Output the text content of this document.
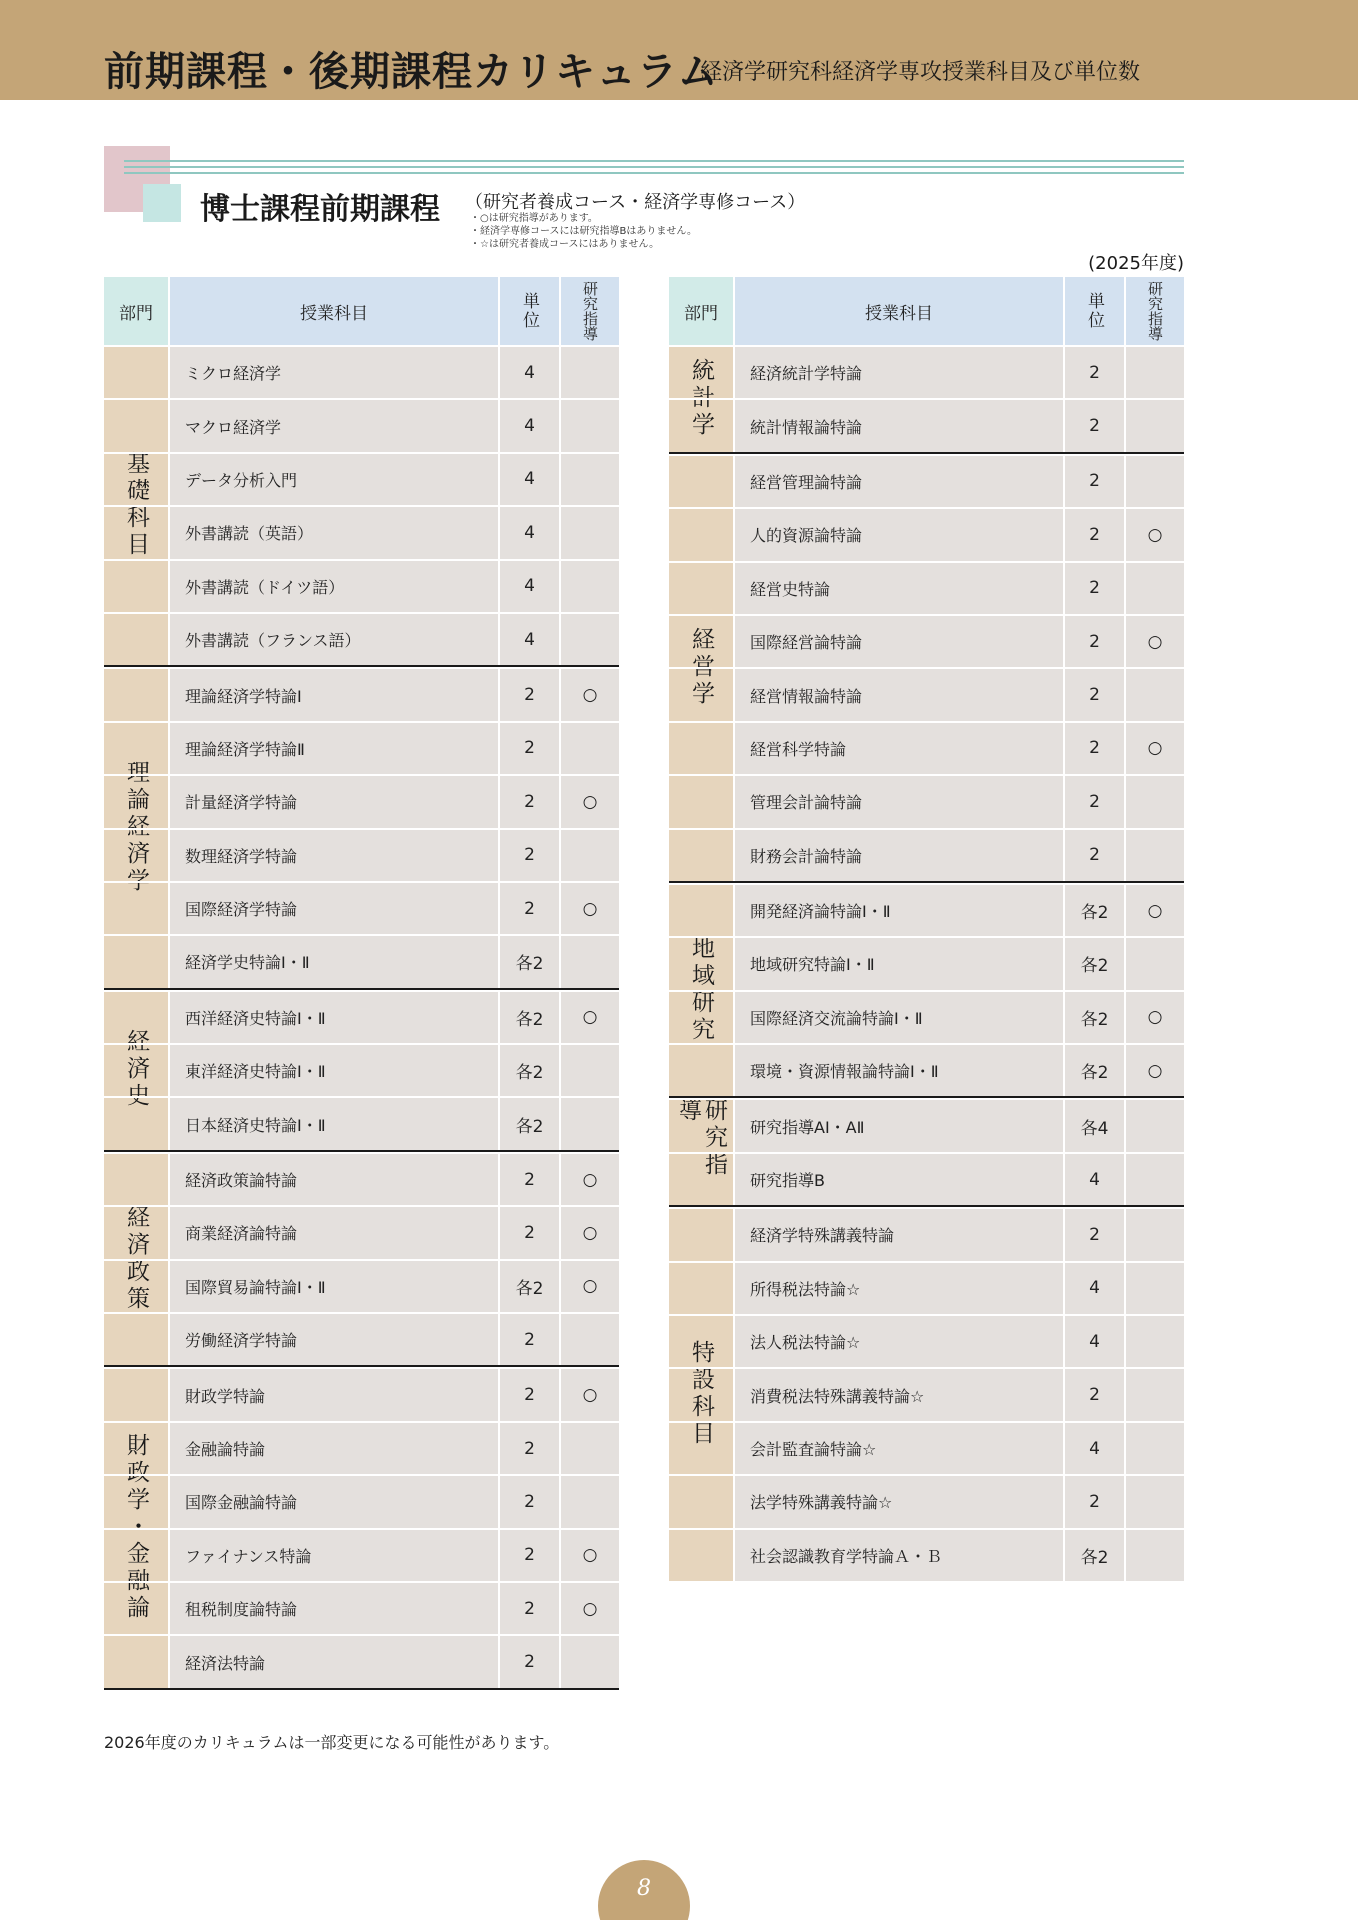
前期課程・後期課程カリキュラム
経済学研究科経済学専攻授業科目及び単位数
博士課程前期課程 （研究者養成コース・経済学専修コース）
・○は研究指導があります。
・経済学専修コースには研究指導Bはありません。
・☆は研究者養成コースにはありません。
(2025年度)
部門	授業科目	単位	研究指導
基礎科目
ミクロ経済学	4
マクロ経済学	4
データ分析入門	4
外書講読（英語）	4
外書講読（ドイツ語）	4
外書講読（フランス語）	4
理論経済学
理論経済学特論Ⅰ	2	○
理論経済学特論Ⅱ	2
計量経済学特論	2	○
数理経済学特論	2
国際経済学特論	2	○
経済学史特論Ⅰ・Ⅱ	各2
経済史
西洋経済史特論Ⅰ・Ⅱ	各2	○
東洋経済史特論Ⅰ・Ⅱ	各2
日本経済史特論Ⅰ・Ⅱ	各2
経済政策
経済政策論特論	2	○
商業経済論特論	2	○
国際貿易論特論Ⅰ・Ⅱ	各2	○
労働経済学特論	2
財政学・金融論
財政学特論	2	○
金融論特論	2
国際金融論特論	2
ファイナンス特論	2	○
租税制度論特論	2	○
経済法特論	2
部門	授業科目	単位	研究指導
統計学	経済統計学特論	2
統計情報論特論	2
経営学
経営管理論特論	2
人的資源論特論	2	○
経営史特論	2
国際経営論特論	2	○
経営情報論特論	2
経営科学特論	2	○
管理会計論特論	2
財務会計論特論	2
地域研究
開発経済論特論Ⅰ・Ⅱ	各2	○
地域研究特論Ⅰ・Ⅱ	各2
国際経済交流論特論Ⅰ・Ⅱ	各2	○
環境・資源情報論特論Ⅰ・Ⅱ	各2	○
研究指導
研究指導AⅠ・AⅡ	各4
研究指導B	4
特設科目
経済学特殊講義特論	2
所得税法特論☆	4
法人税法特論☆	4
消費税法特殊講義特論☆	2
会計監査論特論☆	4
法学特殊講義特論☆	2
社会認識教育学特論Ａ・Ｂ	各2
2026年度のカリキュラムは一部変更になる可能性があります。
8
